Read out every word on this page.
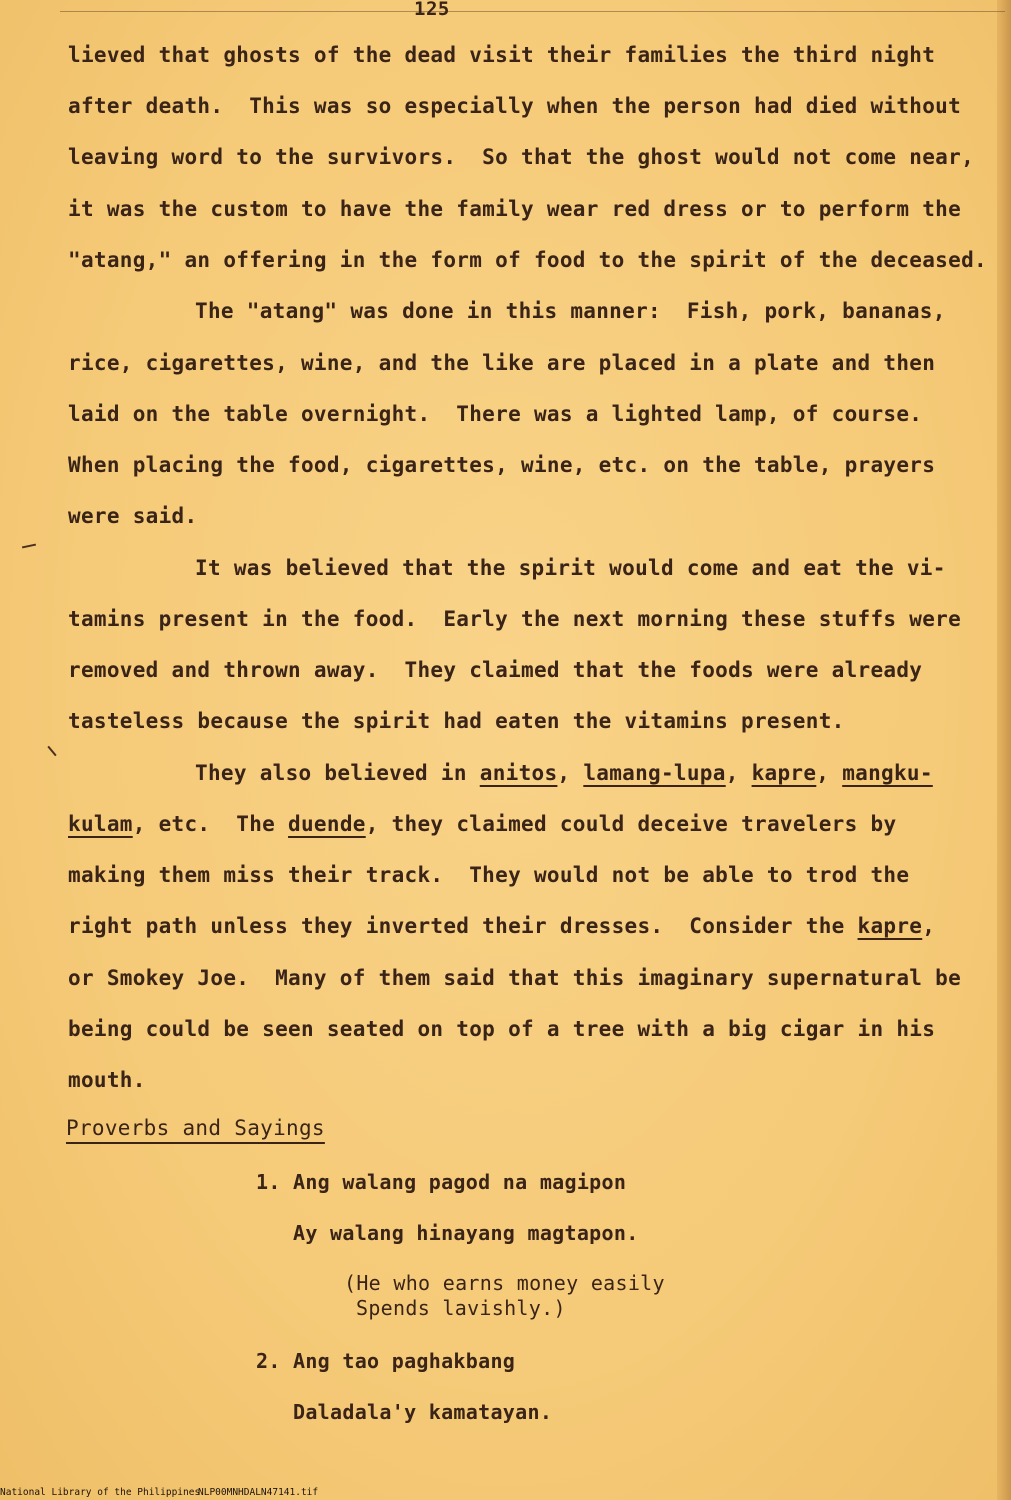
125
lieved that ghosts of the dead visit their families the third night
after death.  This was so especially when the person had died without
leaving word to the survivors.  So that the ghost would not come near,
it was the custom to have the family wear red dress or to perform the
"atang," an offering in the form of food to the spirit of the deceased.
The "atang" was done in this manner:  Fish, pork, bananas,
rice, cigarettes, wine, and the like are placed in a plate and then
laid on the table overnight.  There was a lighted lamp, of course.
When placing the food, cigarettes, wine, etc. on the table, prayers
were said.
It was believed that the spirit would come and eat the vi-
tamins present in the food.  Early the next morning these stuffs were
removed and thrown away.  They claimed that the foods were already
tasteless because the spirit had eaten the vitamins present.
They also believed in anitos, lamang-lupa, kapre, mangku-
kulam, etc.  The duende, they claimed could deceive travelers by
making them miss their track.  They would not be able to trod the
right path unless they inverted their dresses.  Consider the kapre,
or Smokey Joe.  Many of them said that this imaginary supernatural be
being could be seen seated on top of a tree with a big cigar in his
mouth.
Proverbs and Sayings
1. Ang walang pagod na magipon
Ay walang hinayang magtapon.
(He who earns money easily
Spends lavishly.)
2. Ang tao paghakbang
Daladala'y kamatayan.

National Library of the Philippines

NLP00MNHDALN47141.tif
